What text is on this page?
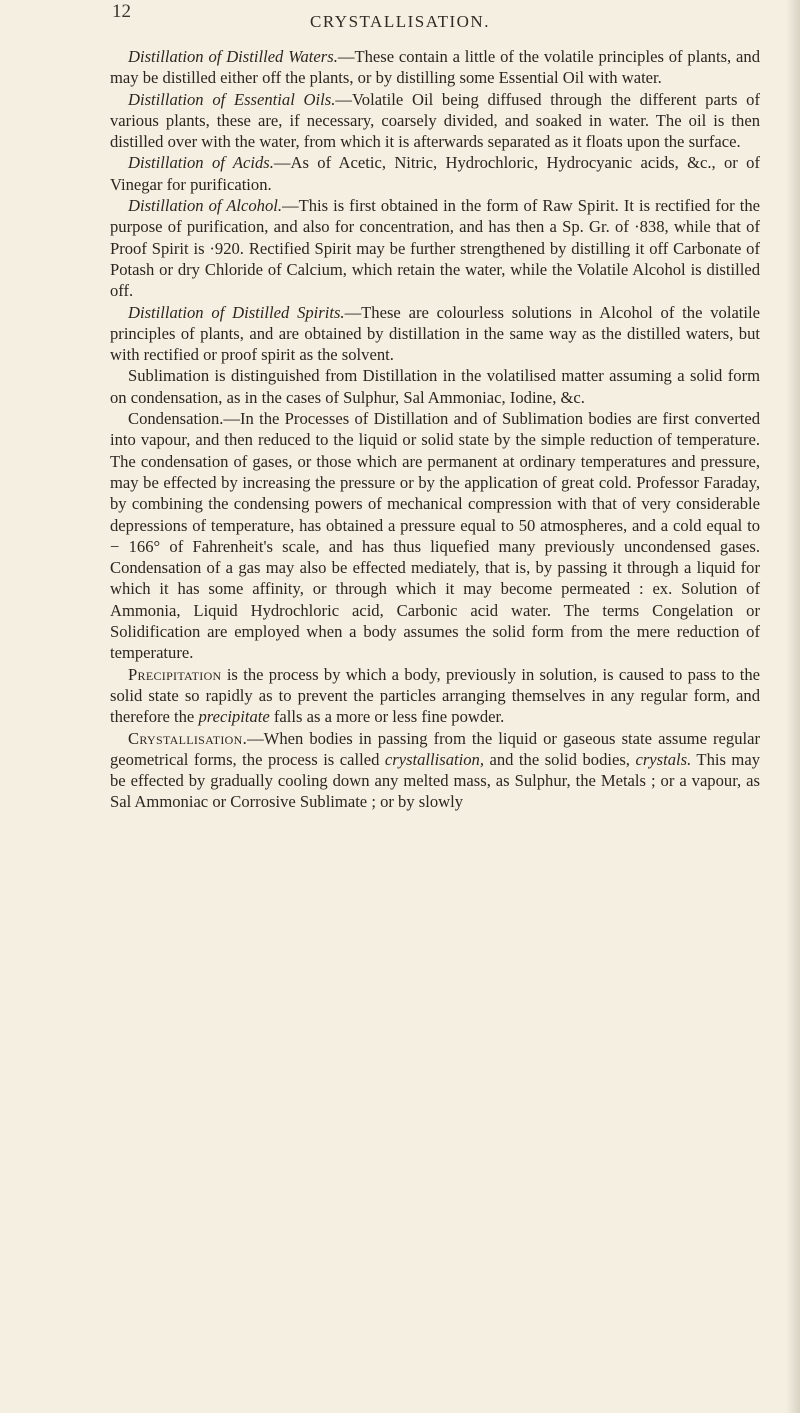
12	CRYSTALLISATION.

Distillation of Distilled Waters.—These contain a little of the volatile principles of plants, and may be distilled either off the plants, or by distilling some Essential Oil with water.

Distillation of Essential Oils.—Volatile Oil being diffused through the different parts of various plants, these are, if necessary, coarsely divided, and soaked in water. The oil is then distilled over with the water, from which it is afterwards separated as it floats upon the surface.

Distillation of Acids.—As of Acetic, Nitric, Hydrochloric, Hydrocyanic acids, &c., or of Vinegar for purification.

Distillation of Alcohol.—This is first obtained in the form of Raw Spirit. It is rectified for the purpose of purification, and also for concentration, and has then a Sp. Gr. of ·838, while that of Proof Spirit is ·920. Rectified Spirit may be further strengthened by distilling it off Carbonate of Potash or dry Chloride of Calcium, which retain the water, while the Volatile Alcohol is distilled off.

Distillation of Distilled Spirits.—These are colourless solutions in Alcohol of the volatile principles of plants, and are obtained by distillation in the same way as the distilled waters, but with rectified or proof spirit as the solvent.

Sublimation is distinguished from Distillation in the volatilised matter assuming a solid form on condensation, as in the cases of Sulphur, Sal Ammoniac, Iodine, &c.

Condensation.—In the Processes of Distillation and of Sublimation bodies are first converted into vapour, and then reduced to the liquid or solid state by the simple reduction of temperature. The condensation of gases, or those which are permanent at ordinary temperatures and pressure, may be effected by increasing the pressure or by the application of great cold. Professor Faraday, by combining the condensing powers of mechanical compression with that of very considerable depressions of temperature, has obtained a pressure equal to 50 atmospheres, and a cold equal to − 166° of Fahrenheit's scale, and has thus liquefied many previously uncondensed gases. Condensation of a gas may also be effected mediately, that is, by passing it through a liquid for which it has some affinity, or through which it may become permeated : ex. Solution of Ammonia, Liquid Hydrochloric acid, Carbonic acid water. The terms Congelation or Solidification are employed when a body assumes the solid form from the mere reduction of temperature.

Precipitation is the process by which a body, previously in solution, is caused to pass to the solid state so rapidly as to prevent the particles arranging themselves in any regular form, and therefore the precipitate falls as a more or less fine powder.

Crystallisation.—When bodies in passing from the liquid or gaseous state assume regular geometrical forms, the process is called crystallisation, and the solid bodies, crystals. This may be effected by gradually cooling down any melted mass, as Sulphur, the Metals ; or a vapour, as Sal Ammoniac or Corrosive Sublimate ; or by slowly
